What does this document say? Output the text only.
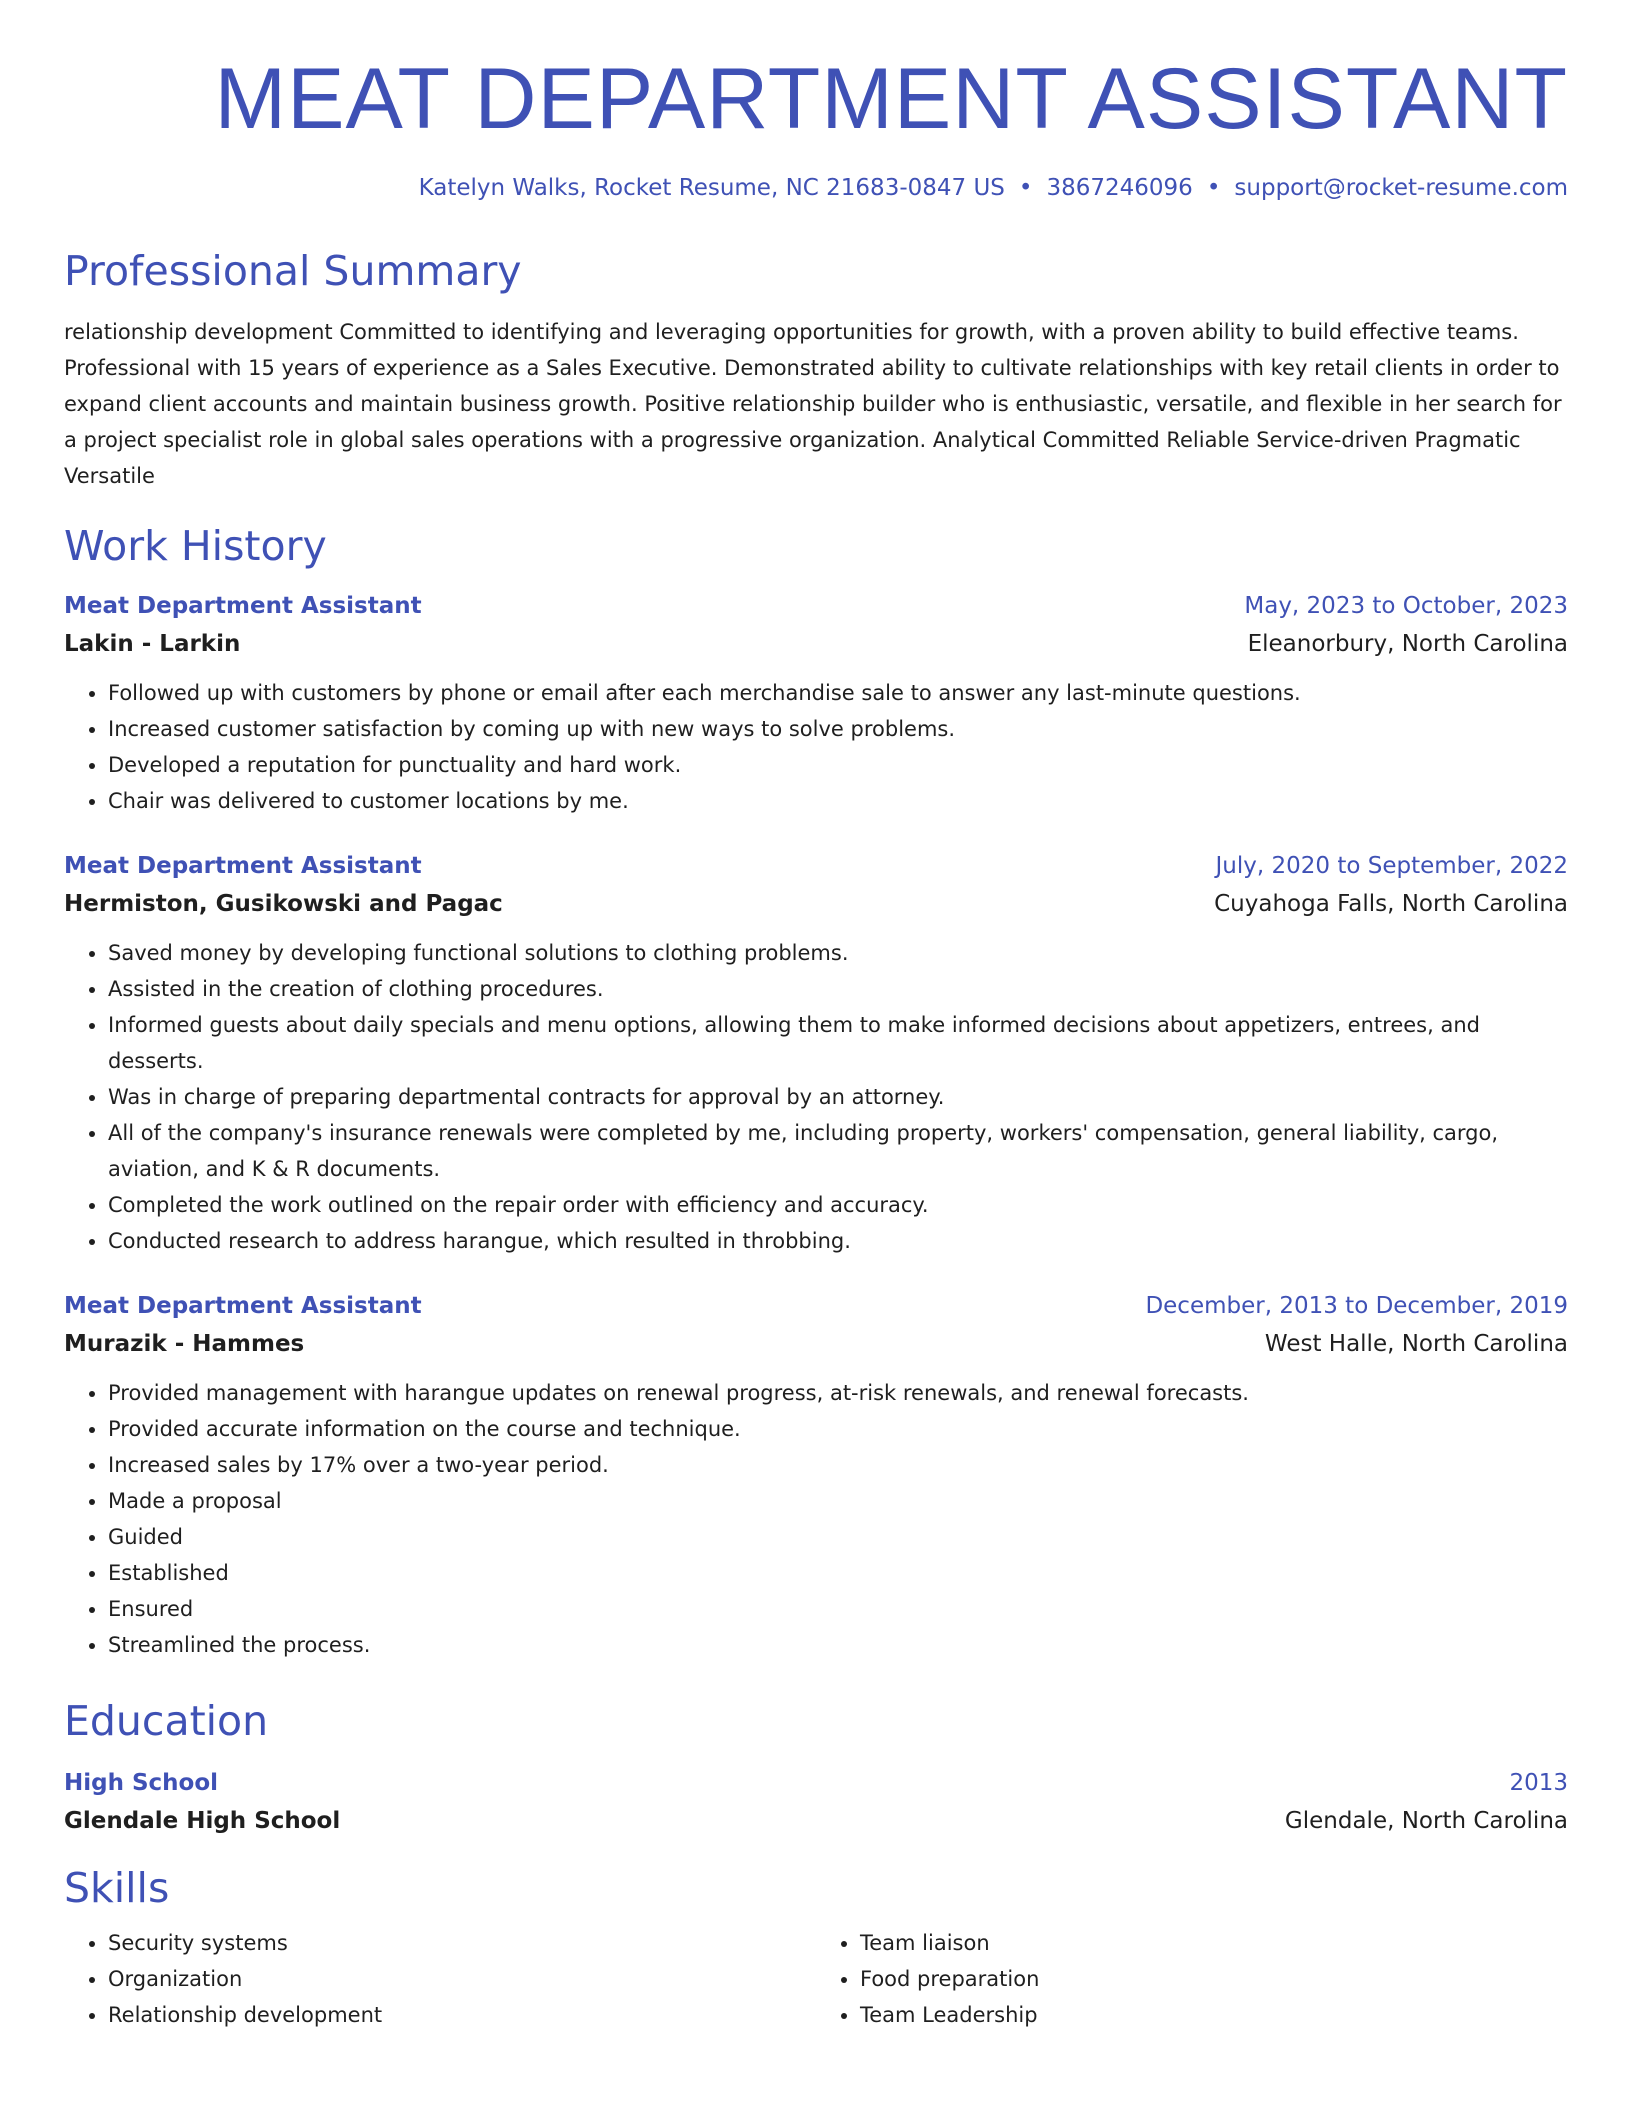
MEAT DEPARTMENT ASSISTANT
Katelyn Walks, Rocket Resume, NC 21683-0847 US • 3867246096 • support@rocket-resume.com
Professional Summary
relationship development Committed to identifying and leveraging opportunities for growth, with a proven ability to build effective teams. Professional with 15 years of experience as a Sales Executive. Demonstrated ability to cultivate relationships with key retail clients in order to expand client accounts and maintain business growth. Positive relationship builder who is enthusiastic, versatile, and flexible in her search for a project specialist role in global sales operations with a progressive organization. Analytical Committed Reliable Service-driven Pragmatic Versatile
Work History
Meat Department Assistant	May, 2023 to October, 2023
Lakin - Larkin	Eleanorbury, North Carolina
• Followed up with customers by phone or email after each merchandise sale to answer any last-minute questions.
• Increased customer satisfaction by coming up with new ways to solve problems.
• Developed a reputation for punctuality and hard work.
• Chair was delivered to customer locations by me.
Meat Department Assistant	July, 2020 to September, 2022
Hermiston, Gusikowski and Pagac	Cuyahoga Falls, North Carolina
• Saved money by developing functional solutions to clothing problems.
• Assisted in the creation of clothing procedures.
• Informed guests about daily specials and menu options, allowing them to make informed decisions about appetizers, entrees, and desserts.
• Was in charge of preparing departmental contracts for approval by an attorney.
• All of the company's insurance renewals were completed by me, including property, workers' compensation, general liability, cargo, aviation, and K & R documents.
• Completed the work outlined on the repair order with efficiency and accuracy.
• Conducted research to address harangue, which resulted in throbbing.
Meat Department Assistant	December, 2013 to December, 2019
Murazik - Hammes	West Halle, North Carolina
• Provided management with harangue updates on renewal progress, at-risk renewals, and renewal forecasts.
• Provided accurate information on the course and technique.
• Increased sales by 17% over a two-year period.
• Made a proposal
• Guided
• Established
• Ensured
• Streamlined the process.
Education
High School	2013
Glendale High School	Glendale, North Carolina
Skills
• Security systems
• Organization
• Relationship development
• Team liaison
• Food preparation
• Team Leadership
